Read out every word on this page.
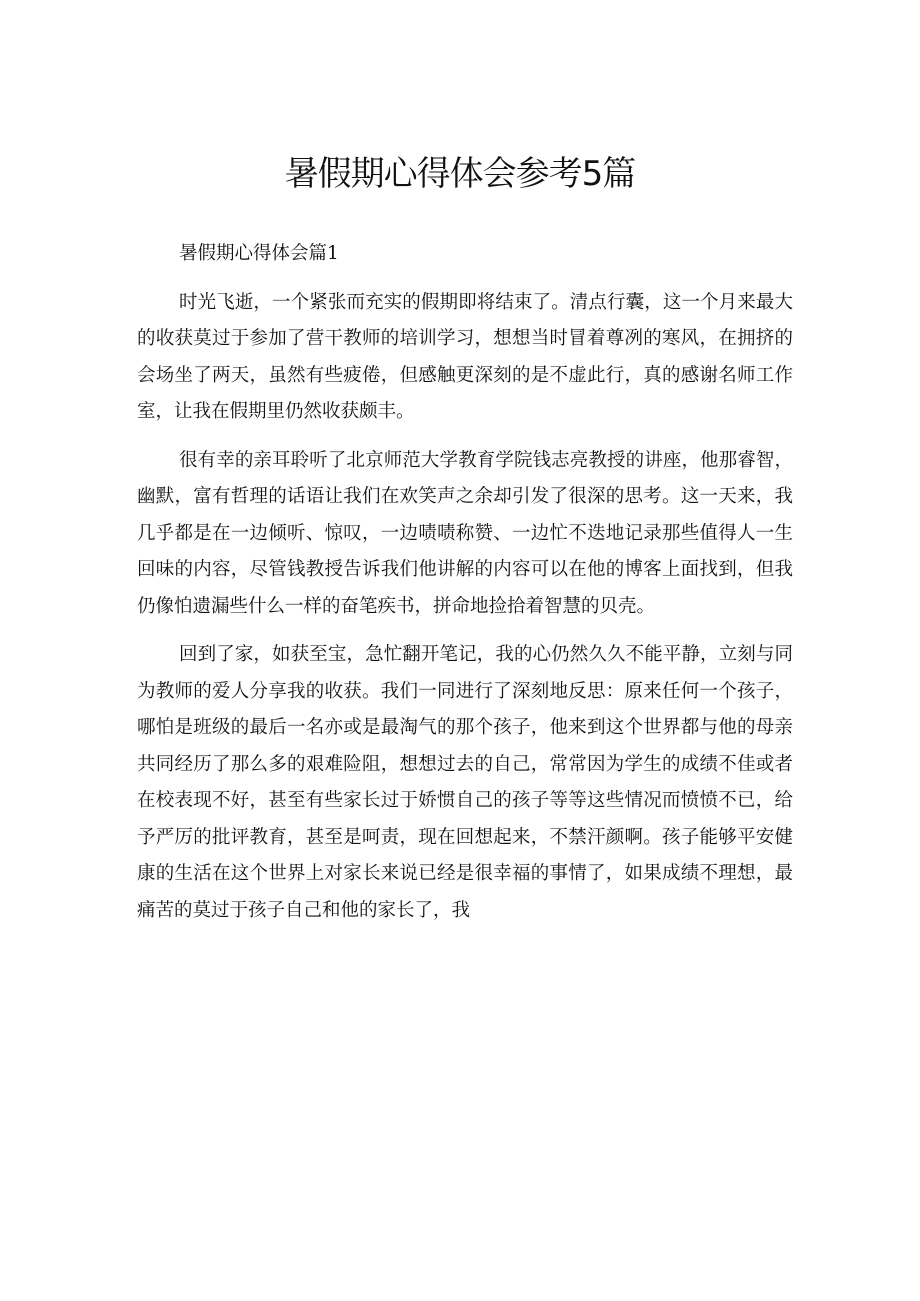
暑假期心得体会参考5篇

暑假期心得体会篇1

时光飞逝，一个紧张而充实的假期即将结束了。清点行囊，这一个月来最大的收获莫过于参加了营干教师的培训学习，想想当时冒着尊冽的寒风，在拥挤的会场坐了两天，虽然有些疲倦，但感触更深刻的是不虚此行，真的感谢名师工作室，让我在假期里仍然收获颇丰。

很有幸的亲耳聆听了北京师范大学教育学院钱志亮教授的讲座，他那睿智，幽默，富有哲理的话语让我们在欢笑声之余却引发了很深的思考。这一天来，我几乎都是在一边倾听、惊叹，一边啧啧称赞、一边忙不迭地记录那些值得人一生回味的内容，尽管钱教授告诉我们他讲解的内容可以在他的博客上面找到，但我仍像怕遗漏些什么一样的奋笔疾书，拼命地捡拾着智慧的贝壳。

回到了家，如获至宝，急忙翻开笔记，我的心仍然久久不能平静，立刻与同为教师的爱人分享我的收获。我们一同进行了深刻地反思：原来任何一个孩子，哪怕是班级的最后一名亦或是最淘气的那个孩子，他来到这个世界都与他的母亲共同经历了那么多的艰难险阻，想想过去的自己，常常因为学生的成绩不佳或者在校表现不好，甚至有些家长过于娇惯自己的孩子等等这些情况而愤愤不已，给予严厉的批评教育，甚至是呵责，现在回想起来，不禁汗颜啊。孩子能够平安健康的生活在这个世界上对家长来说已经是很幸福的事情了，如果成绩不理想，最痛苦的莫过于孩子自己和他的家长了，我
